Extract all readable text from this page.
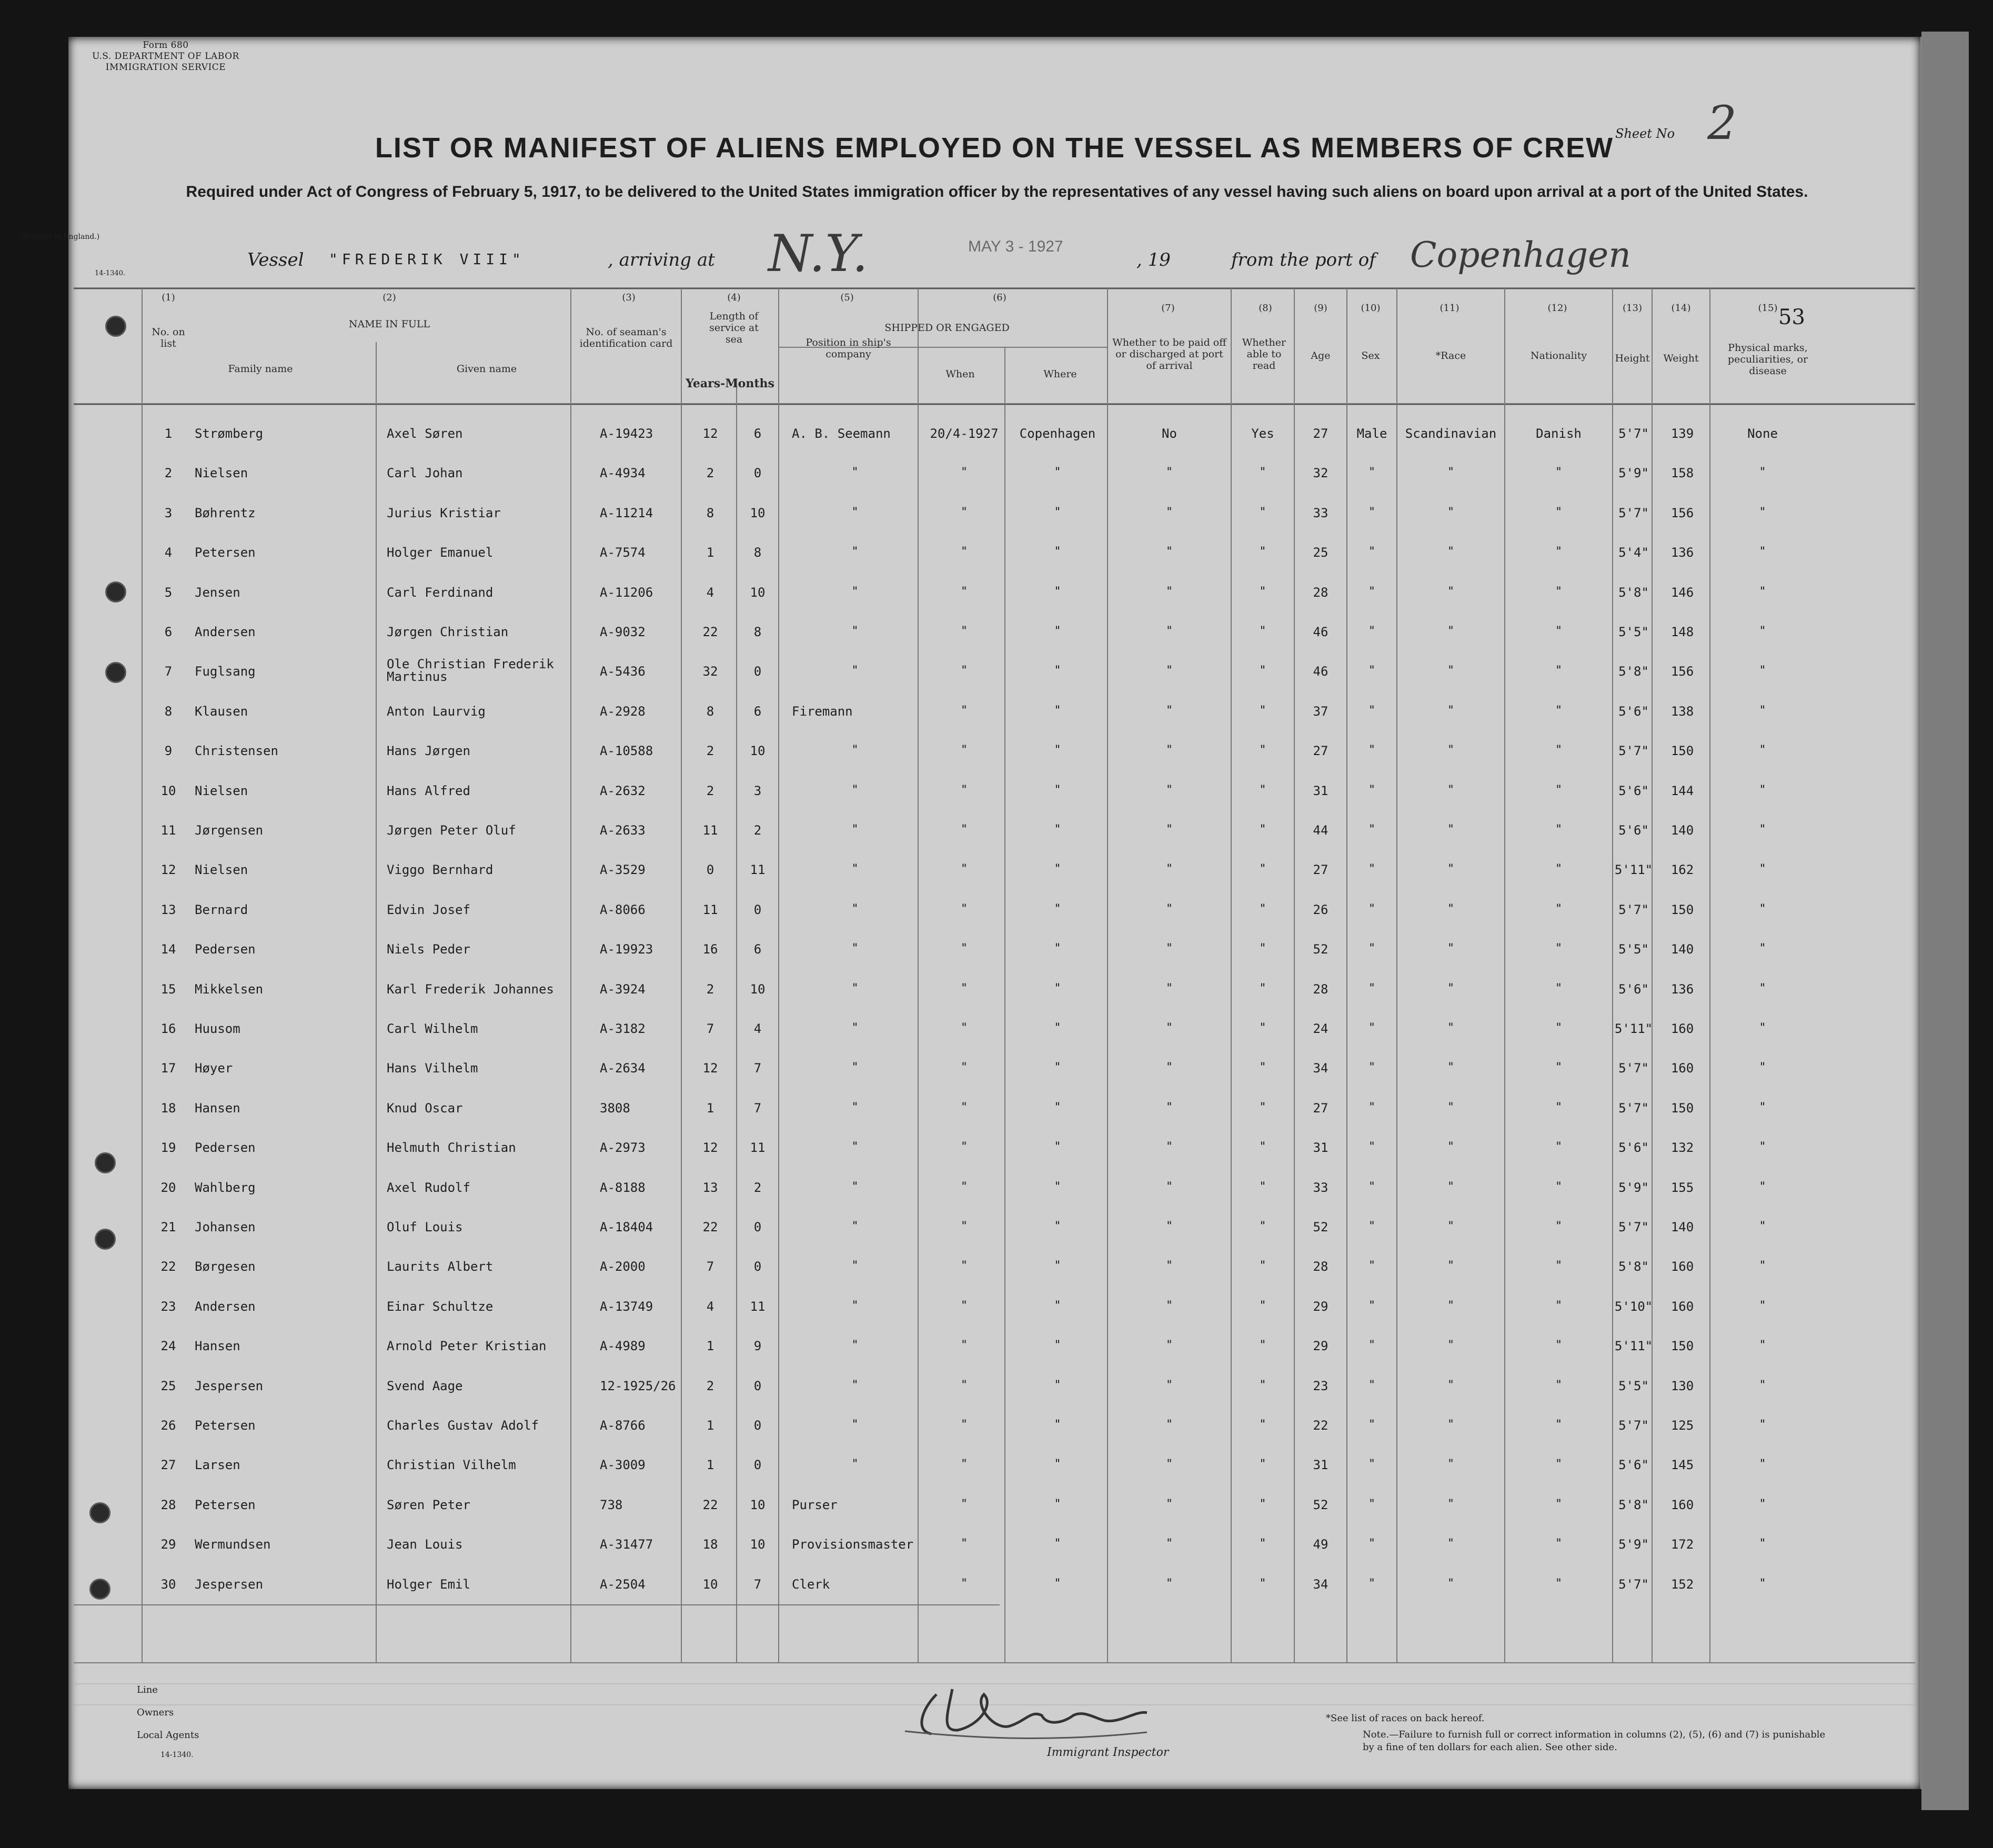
Form 680
U.S. DEPARTMENT OF LABOR
IMMIGRATION SERVICE
LIST OR MANIFEST OF ALIENS EMPLOYED ON THE VESSEL AS MEMBERS OF CREW
Required under Act of Congress of February 5, 1917, to be delivered to the United States immigration officer by the representatives of any vessel having such aliens on board upon arrival at a port of the United States.
(Printed in England.)
14-1340.
Sheet No 2
53
Vessel "FREDERIK VIII"	, arriving at N.Y.	MAY 3 - 1927
, 19	from the port of Copenhagen
(1)
No. on list
(2)
NAME IN FULL
Family name	Given name
(3)
No. of seaman's identification card
(4)
Length of service at sea
Years-Months
(5)
Position in ship's company
(6)
SHIPPED OR ENGAGED
When	Where
(7)
Whether to be paid off or discharged at port of arrival
(8)
Whether able to read
(9)
Age
(10)
Sex
(11)
*Race
(12)
Nationality
(13)
Height
(14)
Weight
(15)
Physical marks, peculiarities, or disease
1	Strømberg	Axel Søren	A-19423	12	6	A. B. Seemann	20/4-1927	Copenhagen	No	Yes	27	Male	Scandinavian	Danish	5'7"	139	None
2	Nielsen	Carl Johan	A-4934	2	0	"	"	"	"	"	32	"	"	"	5'9"	158	"
3	Bøhrentz	Jurius Kristiar	A-11214	8	10	"	"	"	"	"	33	"	"	"	5'7"	156	"
4	Petersen	Holger Emanuel	A-7574	1	8	"	"	"	"	"	25	"	"	"	5'4"	136	"
5	Jensen	Carl Ferdinand	A-11206	4	10	"	"	"	"	"	28	"	"	"	5'8"	146	"
6	Andersen	Jørgen Christian	A-9032	22	8	"	"	"	"	"	46	"	"	"	5'5"	148	"
7	Fuglsang	Ole Christian Frederik Martinus	A-5436	32	0	"	"	"	"	"	46	"	"	"	5'8"	156	"
8	Klausen	Anton Laurvig	A-2928	8	6	Firemann	"	"	"	"	37	"	"	"	5'6"	138	"
9	Christensen	Hans Jørgen	A-10588	2	10	"	"	"	"	"	27	"	"	"	5'7"	150	"
10	Nielsen	Hans Alfred	A-2632	2	3	"	"	"	"	"	31	"	"	"	5'6"	144	"
11	Jørgensen	Jørgen Peter Oluf	A-2633	11	2	"	"	"	"	"	44	"	"	"	5'6"	140	"
12	Nielsen	Viggo Bernhard	A-3529	0	11	"	"	"	"	"	27	"	"	"	5'11"	162	"
13	Bernard	Edvin Josef	A-8066	11	0	"	"	"	"	"	26	"	"	"	5'7"	150	"
14	Pedersen	Niels Peder	A-19923	16	6	"	"	"	"	"	52	"	"	"	5'5"	140	"
15	Mikkelsen	Karl Frederik Johannes	A-3924	2	10	"	"	"	"	"	28	"	"	"	5'6"	136	"
16	Huusom	Carl Wilhelm	A-3182	7	4	"	"	"	"	"	24	"	"	"	5'11"	160	"
17	Høyer	Hans Vilhelm	A-2634	12	7	"	"	"	"	"	34	"	"	"	5'7"	160	"
18	Hansen	Knud Oscar	3808	1	7	"	"	"	"	"	27	"	"	"	5'7"	150	"
19	Pedersen	Helmuth Christian	A-2973	12	11	"	"	"	"	"	31	"	"	"	5'6"	132	"
20	Wahlberg	Axel Rudolf	A-8188	13	2	"	"	"	"	"	33	"	"	"	5'9"	155	"
21	Johansen	Oluf Louis	A-18404	22	0	"	"	"	"	"	52	"	"	"	5'7"	140	"
22	Børgesen	Laurits Albert	A-2000	7	0	"	"	"	"	"	28	"	"	"	5'8"	160	"
23	Andersen	Einar Schultze	A-13749	4	11	"	"	"	"	"	29	"	"	"	5'10"	160	"
24	Hansen	Arnold Peter Kristian	A-4989	1	9	"	"	"	"	"	29	"	"	"	5'11"	150	"
25	Jespersen	Svend Aage	12-1925/26	2	0	"	"	"	"	"	23	"	"	"	5'5"	130	"
26	Petersen	Charles Gustav Adolf	A-8766	1	0	"	"	"	"	"	22	"	"	"	5'7"	125	"
27	Larsen	Christian Vilhelm	A-3009	1	0	"	"	"	"	"	31	"	"	"	5'6"	145	"
28	Petersen	Søren Peter	738	22	10	Purser	"	"	"	"	52	"	"	"	5'8"	160	"
29	Wermundsen	Jean Louis	A-31477	18	10	Provisionsmaster	"	"	"	"	49	"	"	"	5'9"	172	"
30	Jespersen	Holger Emil	A-2504	10	7	Clerk	"	"	"	"	34	"	"	"	5'7"	152	"
Line
Owners
Local Agents
14-1340.	Immigrant Inspector
*See list of races on back hereof.
Note.—Failure to furnish full or correct information in columns (2), (5), (6) and (7) is punishable by a fine of ten dollars for each alien. See other side.
